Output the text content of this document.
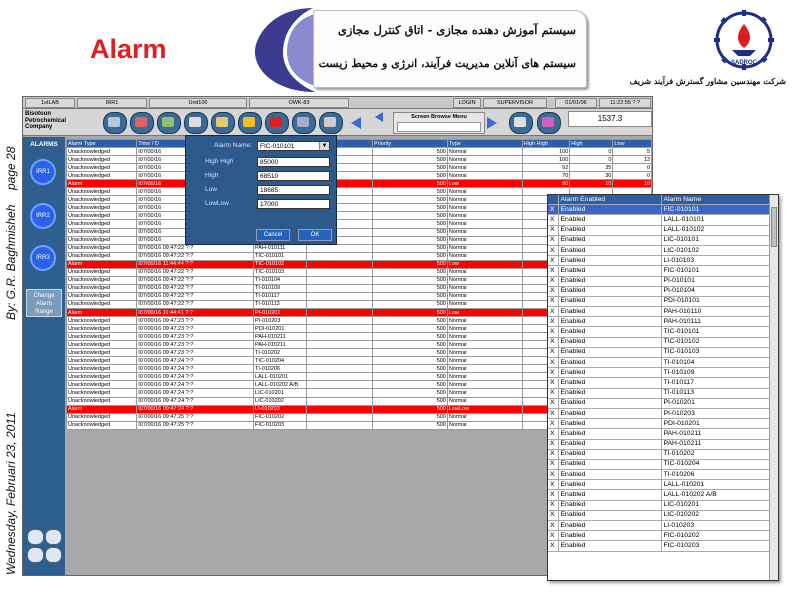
Alarm
سیستم آموزش دهنده مجازی - اتاق کنترل مجازی
سیستم های آنلاین مدیریت فرآیند، انرژی و محیط زیست	SADROC
شرکت مهندسین مشاور گسترش فرآیند شریف
page 28
By: G.R. Baghmisheh
Wednesday, Februari 23, 2011
1stLAB	IRR1	Unit100	OWK-83	LOGIN	SUPERVISOR	01/01/06	11:22:55 ?:?
Bisotoun
Petrochemical
Company
Screen Browse Menu	1537.3
ALARMS
IRR1
IRR2
IRR3
Change Alarm Range
Alarm Type	Time / D				Priority	Type	High High	High	Low
Unacknowledged	I07/00/16				500	Normal	100	0	5
Unacknowledged	I07/00/16				500	Normal	100	0	13
Unacknowledged	I07/00/16				500	Normal	92	35	0
Unacknowledged	I07/00/16				500	Normal	70	30	0
Alarm	I07/00/16				500	Low	90	10	10
Unacknowledged	I07/00/16				500	Normal			
Unacknowledged	I07/00/16				500	Normal			
Unacknowledged	I07/00/16				500	Normal			
Unacknowledged	I07/00/16				500	Normal			
Unacknowledged	I07/00/16				500	Normal			
Unacknowledged	I07/00/16				500	Normal			
Unacknowledged	I07/00/16				500	Normal			
Unacknowledged	I07/00/16 09:47:22 ?:?		PAH-010111		500	Normal			
Unacknowledged	I07/00/16 09:47:22 ?:?		TIC-010101		500	Normal			
Alarm	I07/00/16 11:44:44 ?:?		TIC-010102		500	Low			
Unacknowledged	I07/00/16 09:47:22 ?:?		TIC-010103		500	Normal			
Unacknowledged	I07/00/16 09:47:22 ?:?		TI-010104		500	Normal			
Unacknowledged	I07/00/16 09:47:22 ?:?		TI-010109		500	Normal			
Unacknowledged	I07/00/16 09:47:22 ?:?		TI-010117		500	Normal			
Unacknowledged	I07/00/16 09:47:22 ?:?		TI-010113		500	Normal			
Alarm	I07/00/16 11:44:41 ?:?		PI-010201		500	Low			
Unacknowledged	I07/00/16 09:47:23 ?:?		PI-010203		500	Normal			
Unacknowledged	I07/00/16 09:47:23 ?:?		PDI-010201		500	Normal			
Unacknowledged	I07/00/16 09:47:23 ?:?		PAH-010211		500	Normal			
Unacknowledged	I07/00/16 09:47:23 ?:?		PAH-010211		500	Normal			
Unacknowledged	I07/00/16 09:47:23 ?:?		TI-010202		500	Normal			
Unacknowledged	I07/00/16 09:47:24 ?:?		TIC-010204		500	Normal			
Unacknowledged	I07/00/16 09:47:24 ?:?		TI-010206		500	Normal			
Unacknowledged	I07/00/16 09:47:24 ?:?		LALL-010201		500	Normal			
Unacknowledged	I07/00/16 09:47:24 ?:?		LALL-010202 A/B		500	Normal			
Unacknowledged	I07/00/16 09:47:24 ?:?		LIC-010201		500	Normal			
Unacknowledged	I07/00/16 09:47:24 ?:?		LIC-010202		500	Normal			
Alarm	I07/00/16 09:47:24 ?:?		LI-010203		500	LowLow			
Unacknowledged	I07/00/16 09:47:25 ?:?		FIC-010202		500	Normal			
Unacknowledged	I07/00/16 09:47:25 ?:?		FIC-010203		500	Normal			
Alarm Name:	FIC-010101	▼
High High	85000
High	68510
Low	18685
LowLow	17000
Cancel	OK
	Alarm Enabled	Alarm Name
X	Enabled	FIC-010101
X	Enabled	LALL-010101
X	Enabled	LALL-010102
X	Enabled	LIC-010101
X	Enabled	LIC-010102
X	Enabled	LI-010103
X	Enabled	FIC-010101
X	Enabled	PI-010101
X	Enabled	PI-010104
X	Enabled	PDI-010101
X	Enabled	PAH-010110
X	Enabled	PAH-010111
X	Enabled	TIC-010101
X	Enabled	TIC-010102
X	Enabled	TIC-010103
X	Enabled	TI-010104
X	Enabled	TI-010109
X	Enabled	TI-010117
X	Enabled	TI-010113
X	Enabled	PI-010201
X	Enabled	PI-010203
X	Enabled	PDI-010201
X	Enabled	PAH-010211
X	Enabled	PAH-010211
X	Enabled	TI-010202
X	Enabled	TIC-010204
X	Enabled	TI-010206
X	Enabled	LALL-010201
X	Enabled	LALL-010202 A/B
X	Enabled	LIC-010201
X	Enabled	LIC-010202
X	Enabled	LI-010203
X	Enabled	FIC-010202
X	Enabled	FIC-010203
